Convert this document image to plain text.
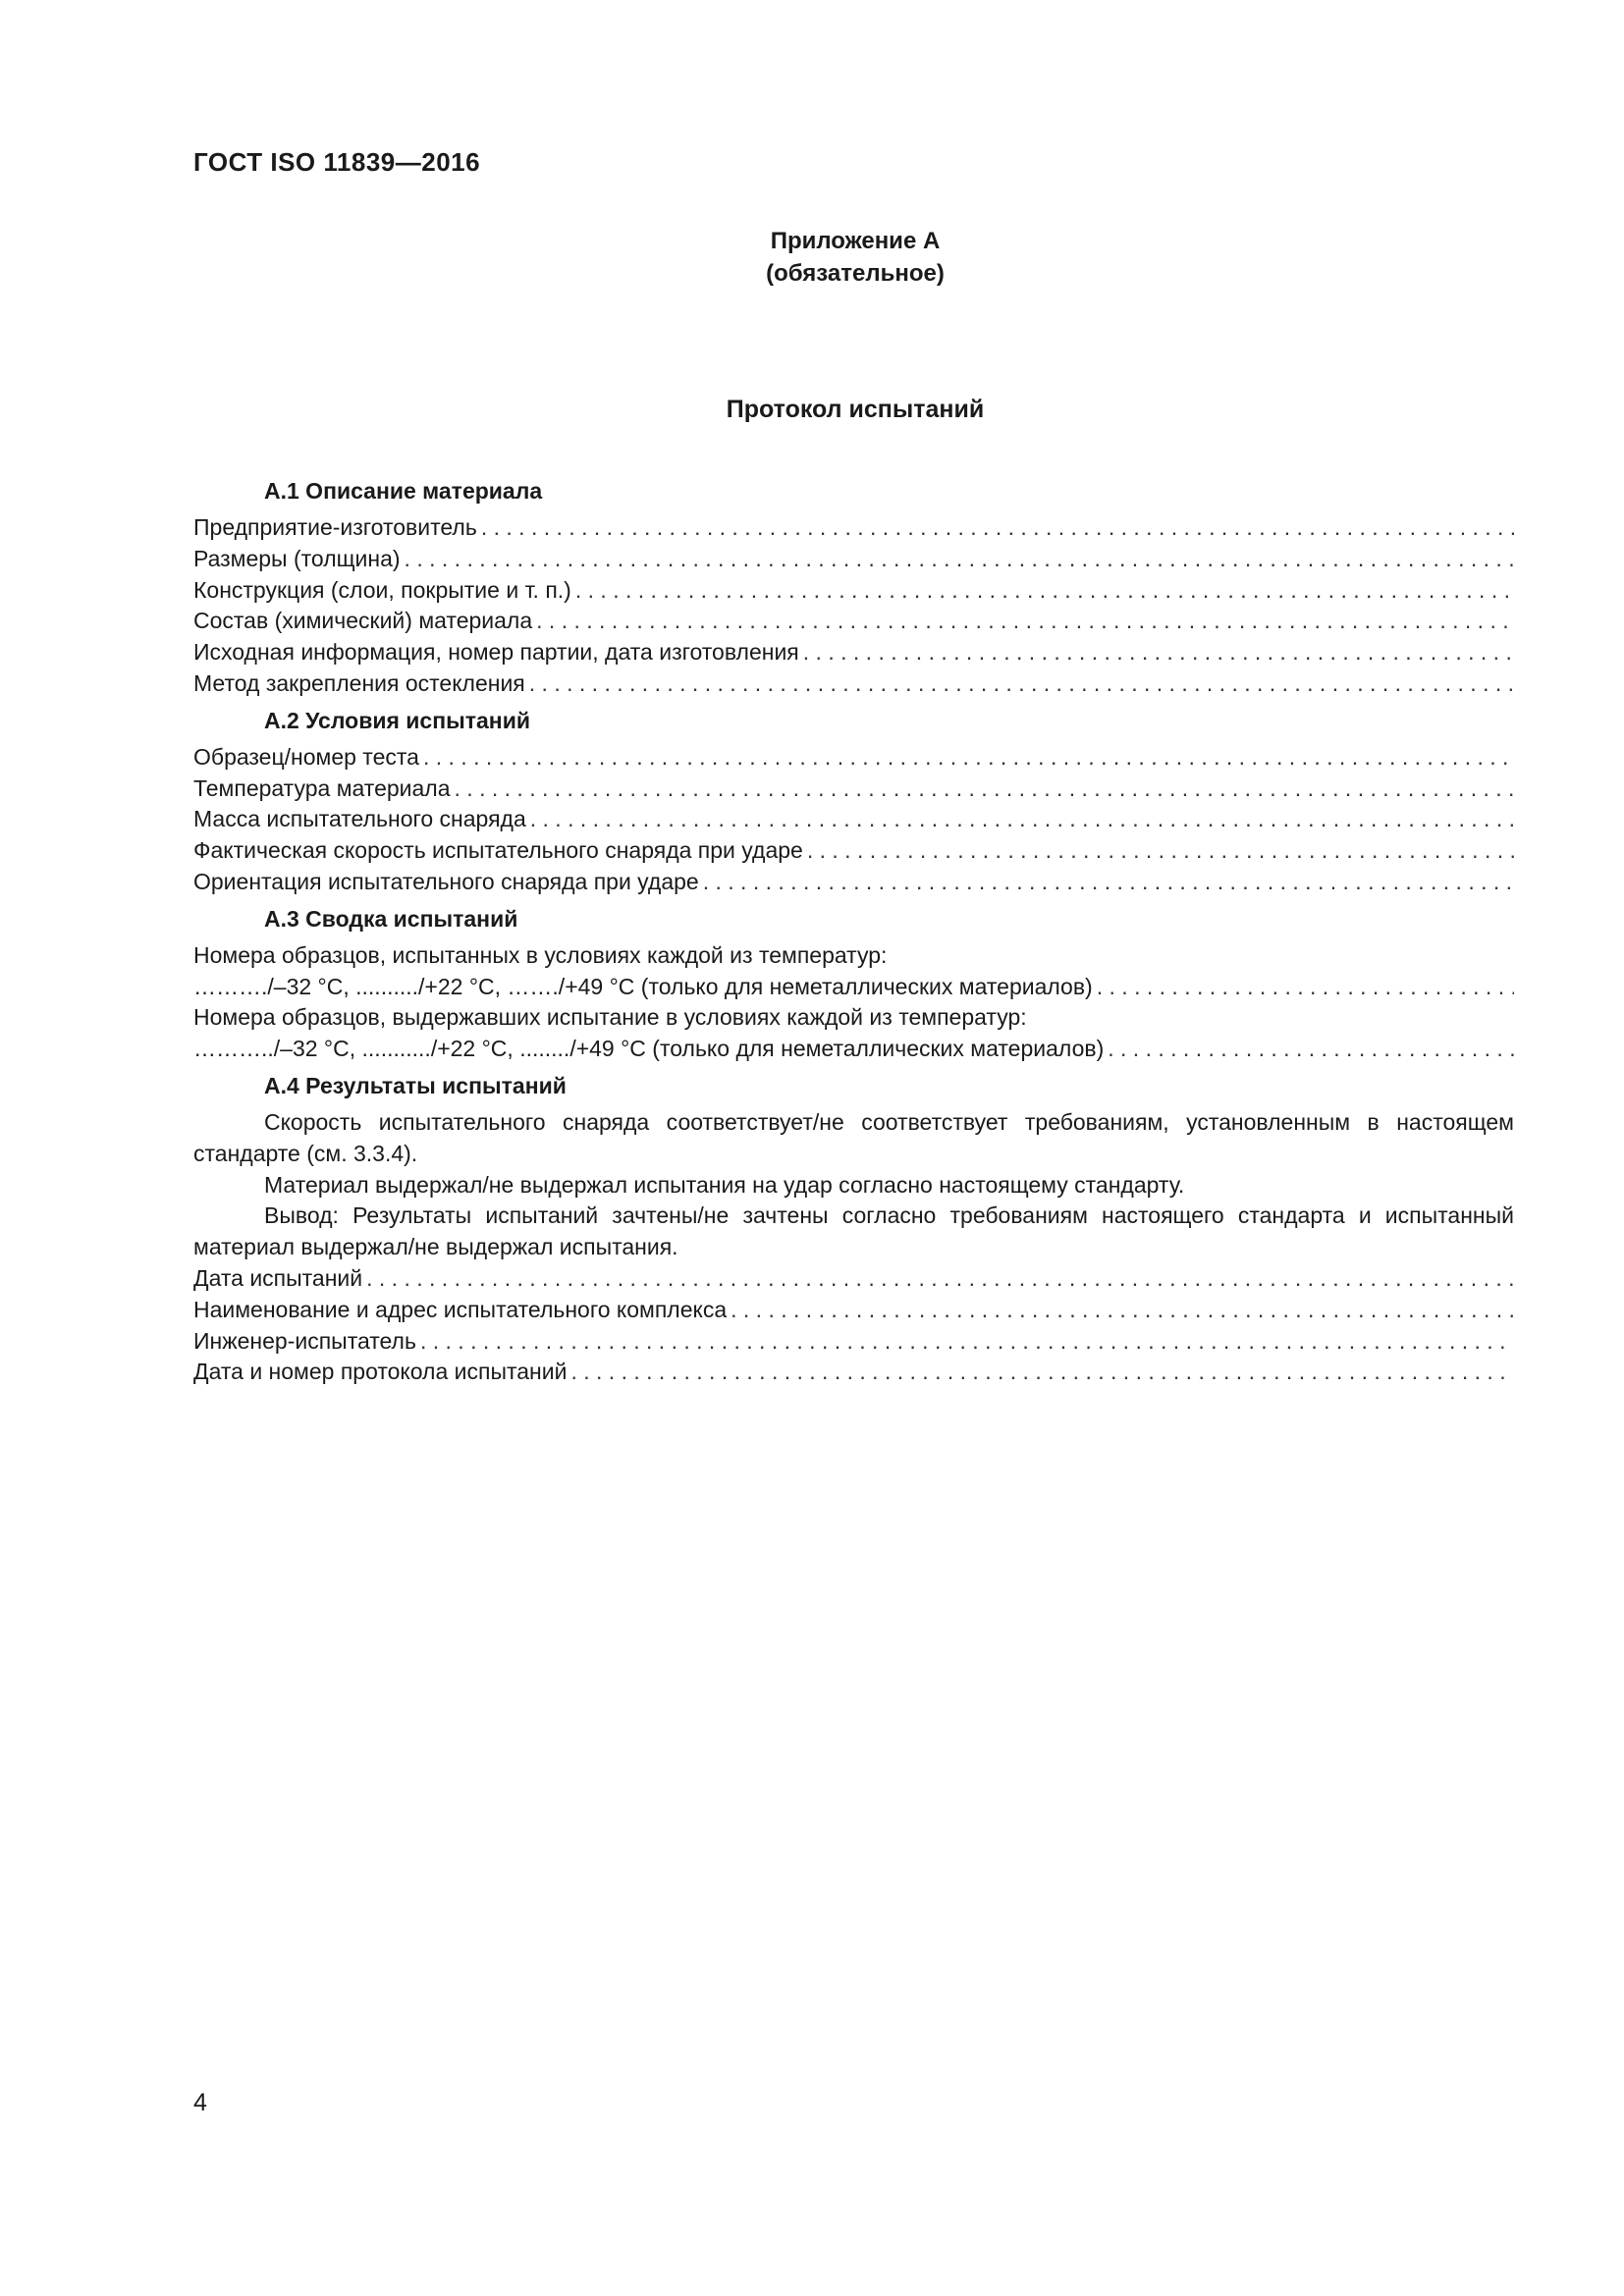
ГОСТ ISO 11839—2016
Приложение А
(обязательное)
Протокол испытаний
А.1 Описание материала
Предприятие-изготовитель
. . .
Размеры (толщина)
. . .
Конструкция (слои, покрытие и т. п.)
. . .
Состав (химический) материала
. . .
Исходная информация, номер партии, дата изготовления
. . .
Метод закрепления остекления
. . .
А.2 Условия испытаний
Образец/номер теста
. . .
Температура материала
. . .
Масса испытательного снаряда
. . .
Фактическая скорость испытательного снаряда при ударе
. . .
Ориентация испытательного снаряда при ударе
. . .
А.3 Сводка испытаний
Номера образцов, испытанных в условиях каждой из температур:
………./–32 °С, ........../+22 °С, ……./+49 °С (только для неметаллических материалов)
. . .
Номера образцов, выдержавших испытание в условиях каждой из температур:
………../–32 °С, .........../+22 °С, ......../+49 °С (только для неметаллических материалов)
. . .
А.4 Результаты испытаний
Скорость испытательного снаряда соответствует/не соответствует требованиям, установленным в настоящем стандарте (см. 3.3.4).
Материал выдержал/не выдержал испытания на удар согласно настоящему стандарту.
Вывод: Результаты испытаний зачтены/не зачтены согласно требованиям настоящего стандарта и испытанный материал выдержал/не выдержал испытания.
Дата испытаний
. . .
Наименование и адрес испытательного комплекса
. . .
Инженер-испытатель
. . .
Дата и номер протокола испытаний
. . .
4
